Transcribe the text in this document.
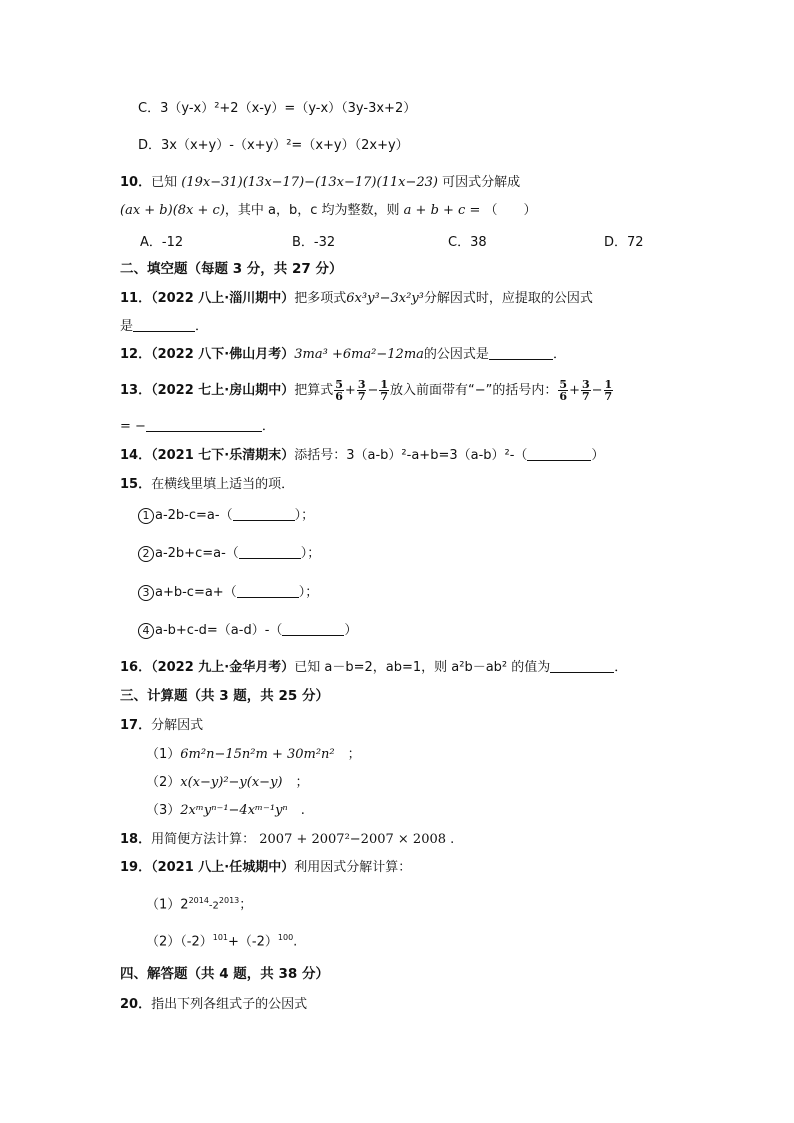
C．3（y-x）²+2（x-y）=（y-x）（3y-3x+2）
D．3x（x+y）-（x+y）²=（x+y）（2x+y）
10．已知 (19x−31)(13x−17)−(13x−17)(11x−23) 可因式分解成
(ax + b)(8x + c)，其中 a，b，c 均为整数，则 a + b + c = （　　）
A．-12	B．-32	C．38	D．72
二、填空题（每题 3 分，共 27 分）
11．（2022 八上·淄川期中）把多项式6x³y³−3x²y³分解因式时，应提取的公因式
是	．
12．（2022 八下·佛山月考）3ma³ +6ma²−12ma的公因式是	．
13．（2022 七上·房山期中）把算式 $\frac{5}{6} + \frac{3}{7} - \frac{1}{7}$ 放入前面带有“−”的括号内： $\frac{5}{6} + \frac{3}{7} - \frac{1}{7}$
= −	．
14．（2021 七下·乐清期末）添括号：3（a-b）²-a+b=3（a-b）²-（	）
15．在横线里填上适当的项．
1 a-2b-c=a-（	）；
2 a-2b+c=a-（	）；
3 a+b-c=a+（	）；
4 a-b+c-d=（a-d）-（	）
16．（2022 九上·金华月考）已知 a－b=2，ab=1，则 a²b－ab² 的值为	．
三、计算题（共 3 题，共 25 分）
17．分解因式
（1）6m²n−15n²m + 30m²n²　 ；
（2）x(x−y)²−y(x−y)　 ；
（3）2xᵐyⁿ⁻¹−4xᵐ⁻¹yⁿ　 .
18．用简便方法计算： 2007 + 2007²−2007 × 2008 .
19．（2021 八上·任城期中）利用因式分解计算：
$(1)2^{2014}-2^{2013}$；
$(2)(-2)^{101}+(-2)^{100}$.
四、解答题（共 4 题，共 38 分）
20．指出下列各组式子的公因式
